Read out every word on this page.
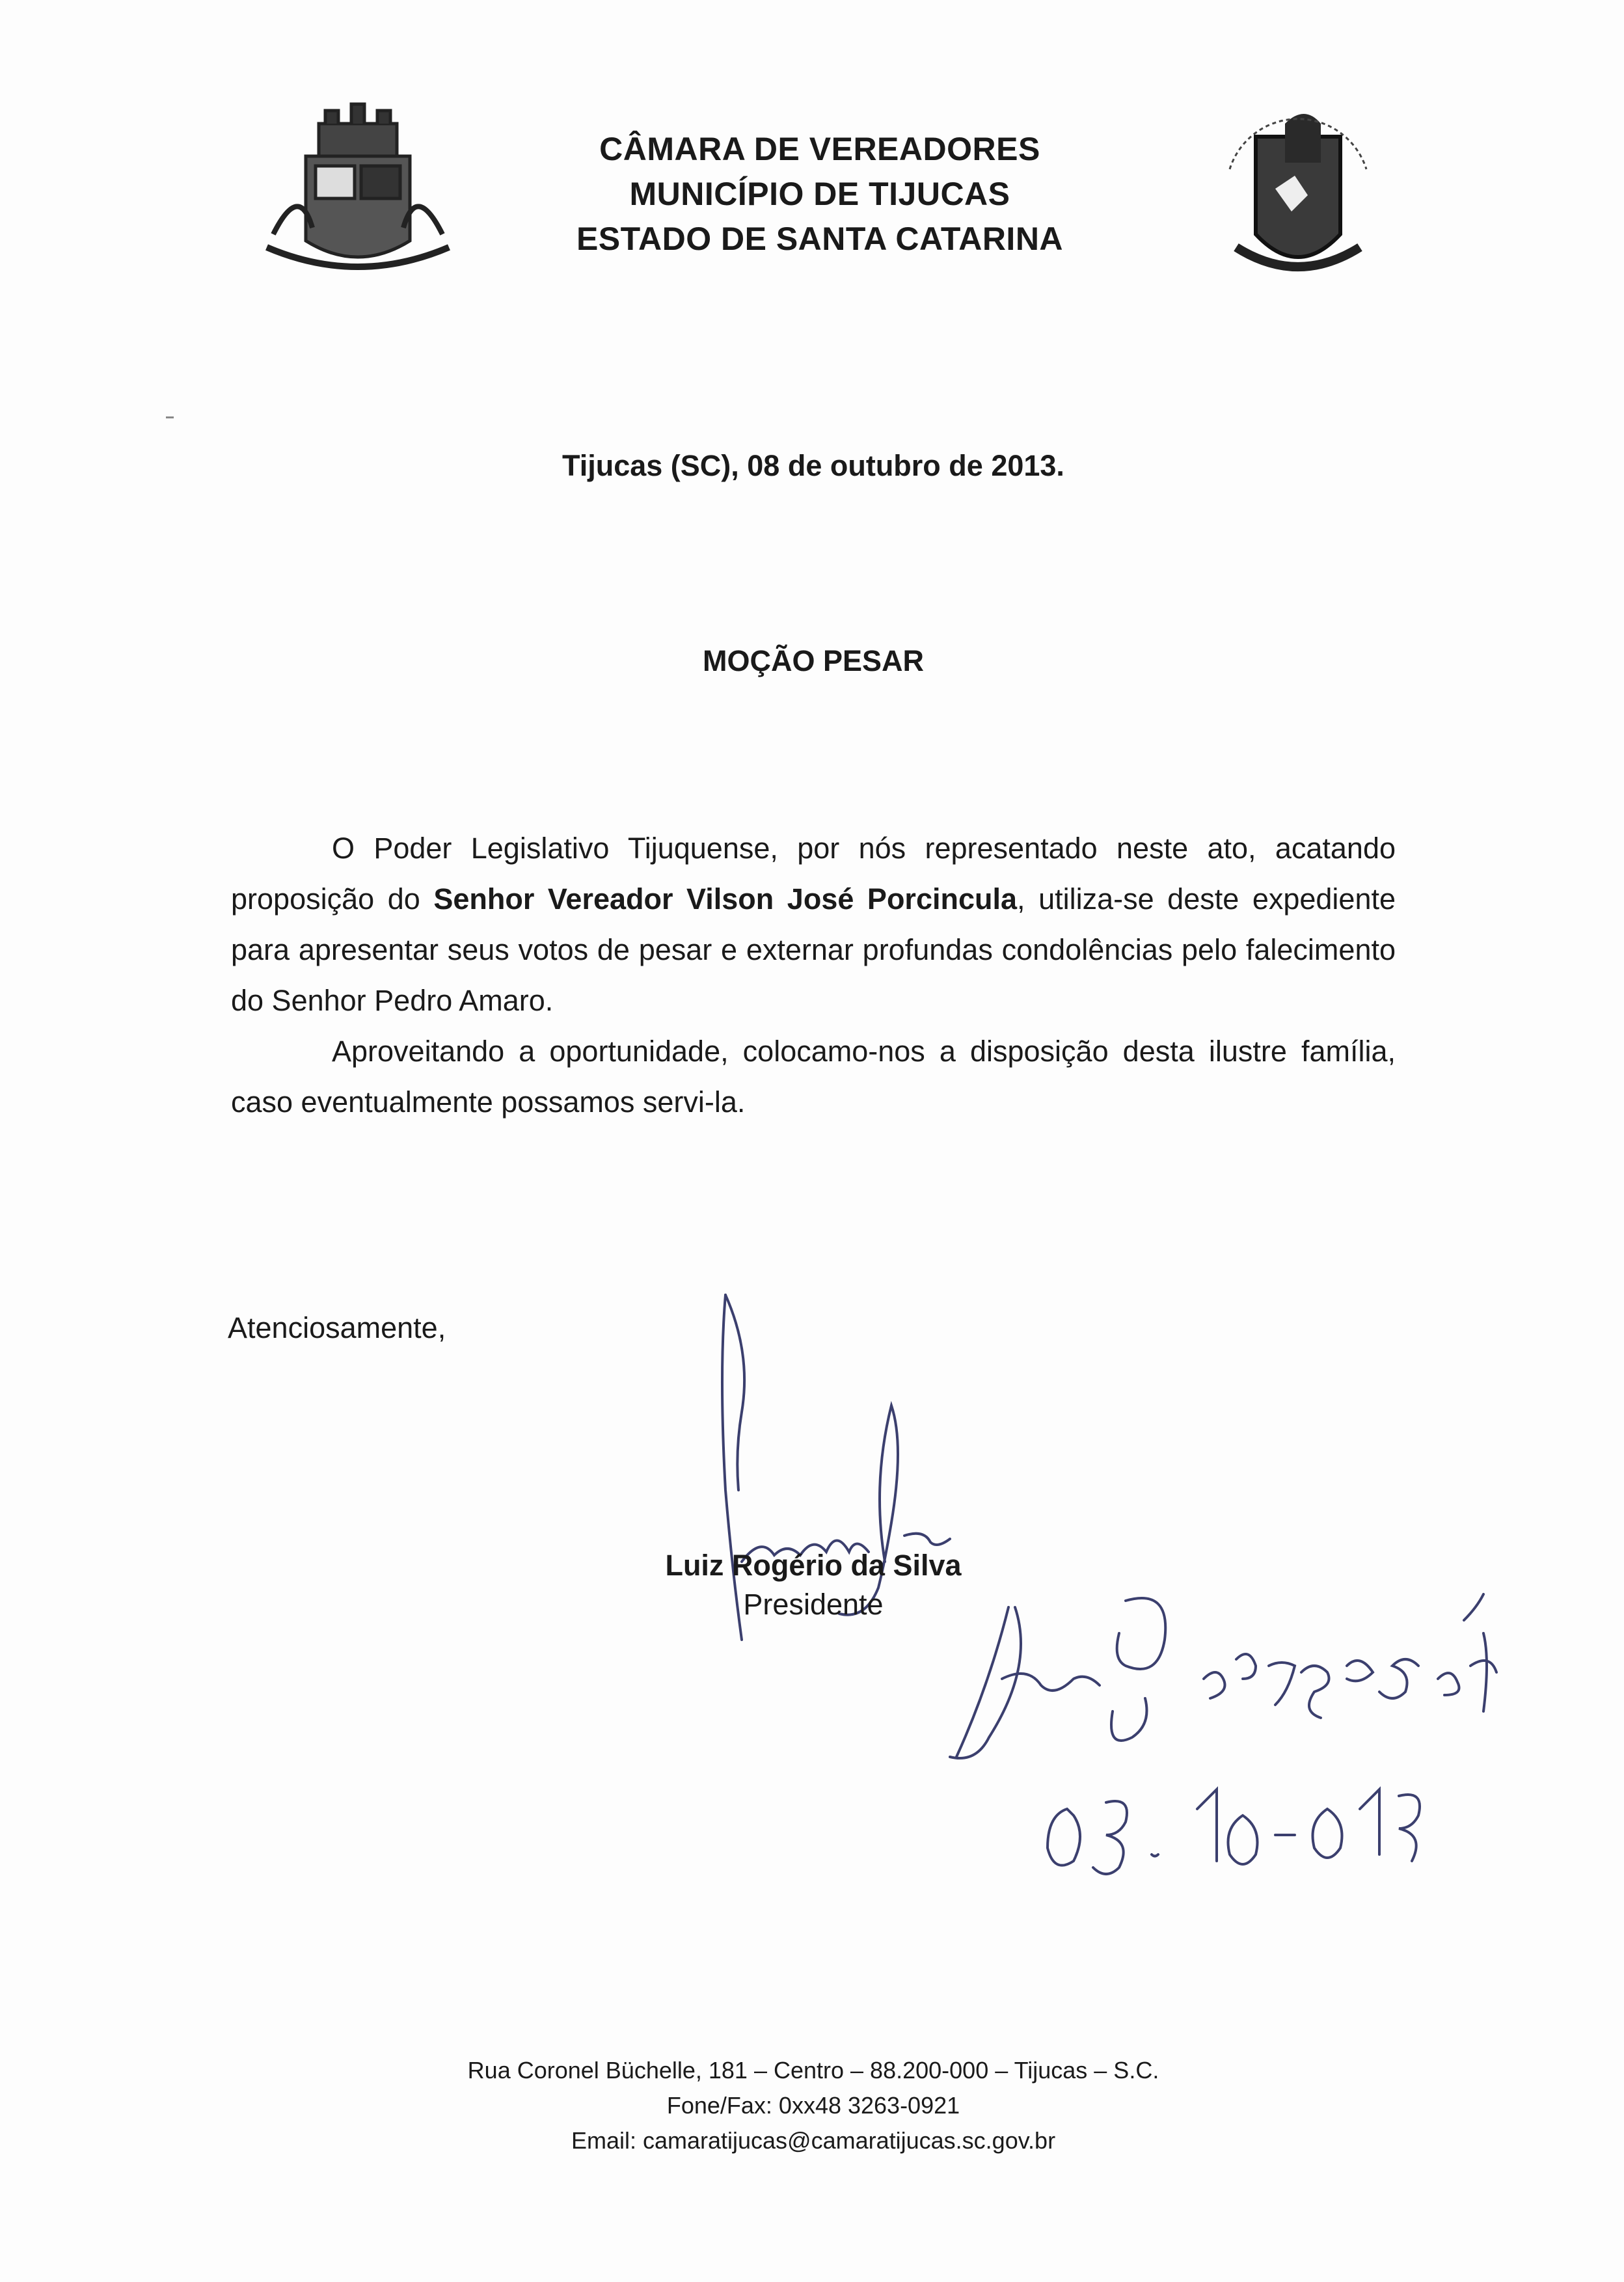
CÂMARA DE VEREADORES
MUNICÍPIO DE TIJUCAS
ESTADO DE SANTA CATARINA
Tijucas (SC), 08 de outubro de 2013.
MOÇÃO PESAR

O Poder Legislativo Tijuquense, por nós representado neste ato, acatando proposição do Senhor Vereador Vilson José Porcincula, utiliza-se deste expediente para apresentar seus votos de pesar e externar profundas condolências pelo falecimento do Senhor Pedro Amaro.

Aproveitando a oportunidade, colocamo-nos a disposição desta ilustre família, caso eventualmente possamos servi-la.

Atenciosamente,
Luiz Rogério da Silva
Presidente
Rua Coronel Büchelle, 181 – Centro – 88.200-000 – Tijucas – S.C.
Fone/Fax: 0xx48 3263-0921
Email: camaratijucas@camaratijucas.sc.gov.br
